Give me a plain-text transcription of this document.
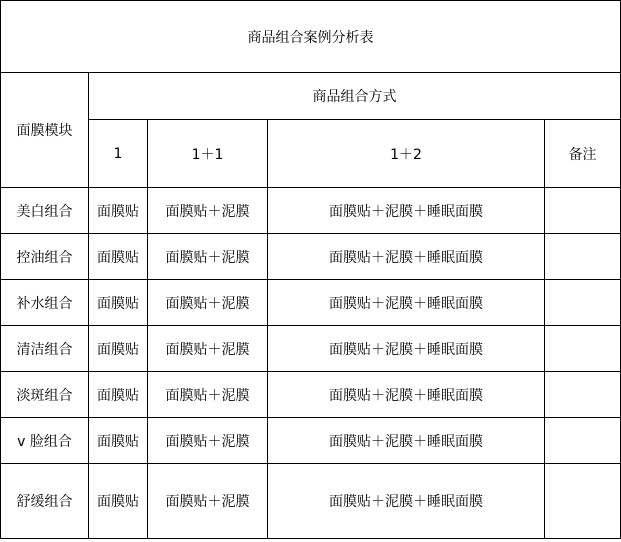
商品组合案例分析表				
面膜模块	商品组合方式			
	1	1＋1	1＋2	备注
美白组合	面膜贴	面膜贴＋泥膜	面膜贴＋泥膜＋睡眠面膜	
控油组合	面膜贴	面膜贴＋泥膜	面膜贴＋泥膜＋睡眠面膜	
补水组合	面膜贴	面膜贴＋泥膜	面膜贴＋泥膜＋睡眠面膜	
清洁组合	面膜贴	面膜贴＋泥膜	面膜贴＋泥膜＋睡眠面膜	
淡斑组合	面膜贴	面膜贴＋泥膜	面膜贴＋泥膜＋睡眠面膜	
v 脸组合	面膜贴	面膜贴＋泥膜	面膜贴＋泥膜＋睡眠面膜	
舒缓组合	面膜贴	面膜贴＋泥膜	面膜贴＋泥膜＋睡眠面膜	
